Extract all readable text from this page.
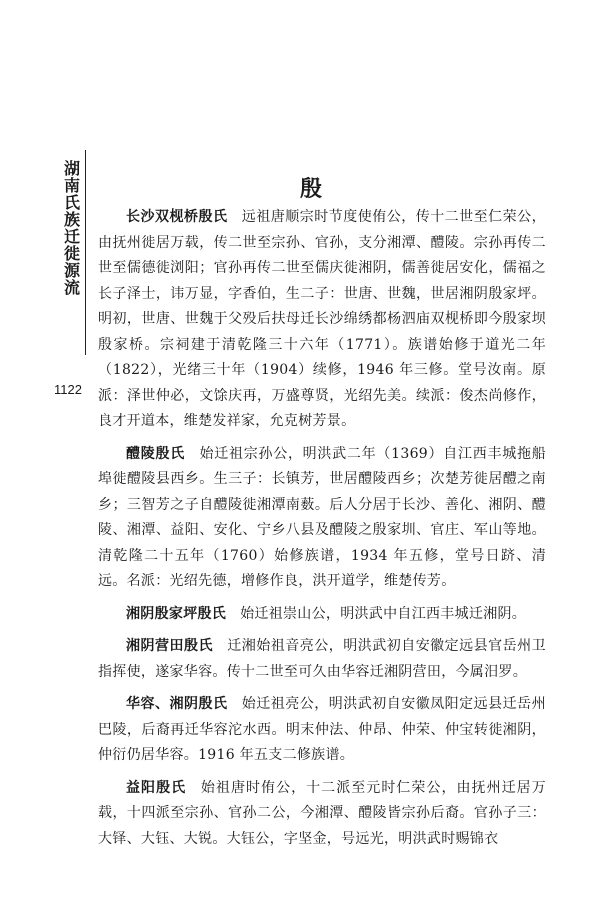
湖南氏族迁徙源流
1122
殷

长沙双枧桥殷氏 远祖唐顺宗时节度使侑公，传十二世至仁荣公，由抚州徙居万载，传二世至宗孙、官孙，支分湘潭、醴陵。宗孙再传二世至儒德徙浏阳；官孙再传二世至儒庆徙湘阴，儒善徙居安化，儒福之长子泽士，讳万显，字香伯，生二子：世唐、世魏，世居湘阴殷家坪。明初，世唐、世魏于父殁后扶母迁长沙绵绣都杨泗庙双枧桥即今殷家坝殷家桥。宗祠建于清乾隆三十六年（1771）。族谱始修于道光二年（1822），光绪三十年（1904）续修，1946 年三修。堂号汝南。原派：泽世仲必，文馀庆再，万盛尊贤，光绍先美。续派：俊杰尚修作，良才开道本，维楚发祥家，允克树芳景。

醴陵殷氏 始迁祖宗孙公，明洪武二年（1369）自江西丰城拖船埠徙醴陵县西乡。生三子：长镇芳，世居醴陵西乡；次楚芳徙居醴之南乡；三智芳之子自醴陵徙湘潭南薮。后人分居于长沙、善化、湘阴、醴陵、湘潭、益阳、安化、宁乡八县及醴陵之殷家圳、官庄、军山等地。清乾隆二十五年（1760）始修族谱，1934 年五修，堂号日跻、清远。名派：光绍先德，增修作良，洪开道学，维楚传芳。

湘阴殷家坪殷氏 始迁祖崇山公，明洪武中自江西丰城迁湘阴。

湘阴营田殷氏 迁湘始祖音亮公，明洪武初自安徽定远县官岳州卫指挥使，遂家华容。传十二世至可久由华容迁湘阴营田，今属汨罗。

华容、湘阴殷氏 始迁祖亮公，明洪武初自安徽凤阳定远县迁岳州巴陵，后裔再迁华容沱水西。明末仲法、仲昂、仲荣、仲宝转徙湘阴，仲衍仍居华容。1916 年五支二修族谱。

益阳殷氏 始祖唐时侑公，十二派至元时仁荣公，由抚州迁居万载，十四派至宗孙、官孙二公，今湘潭、醴陵皆宗孙后裔。官孙子三：大铎、大钰、大锐。大钰公，字坚金，号远光，明洪武时赐锦衣
